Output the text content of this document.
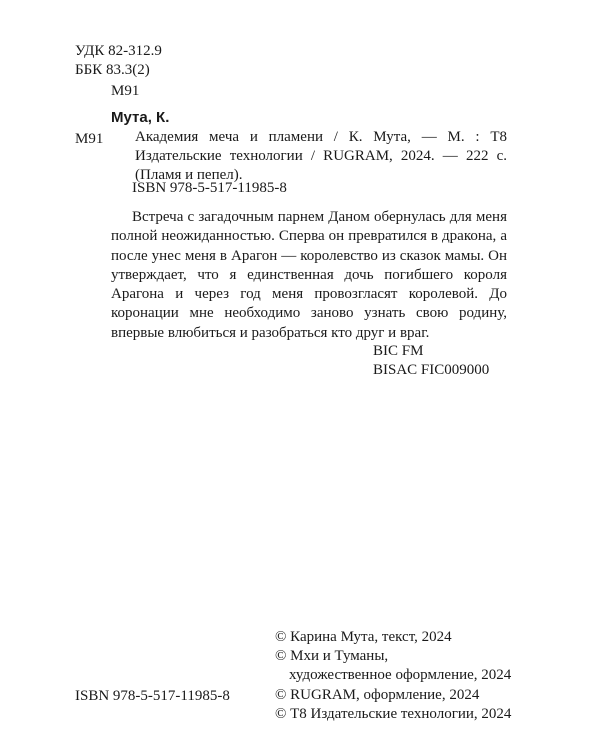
УДК 82-312.9
ББК 83.3(2)
М91
Мута, К.
М91 Академия меча и пламени / К. Мута, — М. : Т8 Издательские технологии / RUGRAM, 2024. — 222 с. (Пламя и пепел).
ISBN 978-5-517-11985-8
Встреча с загадочным парнем Даном обернулась для меня полной неожиданностью. Сперва он превратился в дракона, а после унес меня в Арагон — королевство из сказок мамы. Он утверждает, что я единственная дочь погибшего короля Арагона и через год меня провозгласят королевой. До коронации мне необходимо заново узнать свою родину, впервые влюбиться и разобраться кто друг и враг.
BIC FM
BISAC FIC009000
© Карина Мута, текст, 2024
© Мхи и Туманы,
художественное оформление, 2024
© RUGRAM, оформление, 2024
© Т8 Издательские технологии, 2024
ISBN 978-5-517-11985-8
